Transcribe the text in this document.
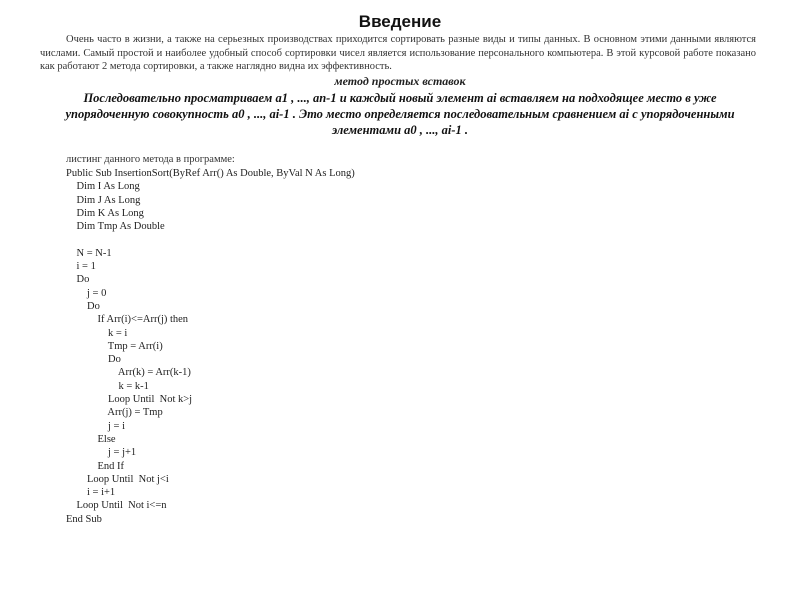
Введение

Очень часто в жизни, а также на серьезных производствах приходится сортировать разные виды и типы данных. В основном этими данными являются числами. Самый простой и наиболее удобный способ сортировки чисел является использование персонального компьютера. В этой курсовой работе показано как работают 2 метода сортировки, а также наглядно видна их эффективность.

метод простых вставок

Последовательно просматриваем a1 , ..., an-1 и каждый новый элемент ai вставляем на подходящее место в уже упорядоченную совокупность a0 , ..., ai-1 . Это место определяется последовательным сравнением ai с упорядоченными элементами a0 , ..., ai-1 .

листинг данного метода в программе:
Public Sub InsertionSort(ByRef Arr() As Double, ByVal N As Long)
Dim I As Long
Dim J As Long
Dim K As Long
Dim Tmp As Double
N = N-1
i = 1
Do
j = 0
Do
If Arr(i)<=Arr(j) then
k = i
Tmp = Arr(i)
Do
Arr(k) = Arr(k-1)
k = k-1
Loop Until  Not k>j
Arr(j) = Tmp
j = i
Else
j = j+1
End If
Loop Until  Not j<i
i = i+1
Loop Until  Not i<=n
End Sub
